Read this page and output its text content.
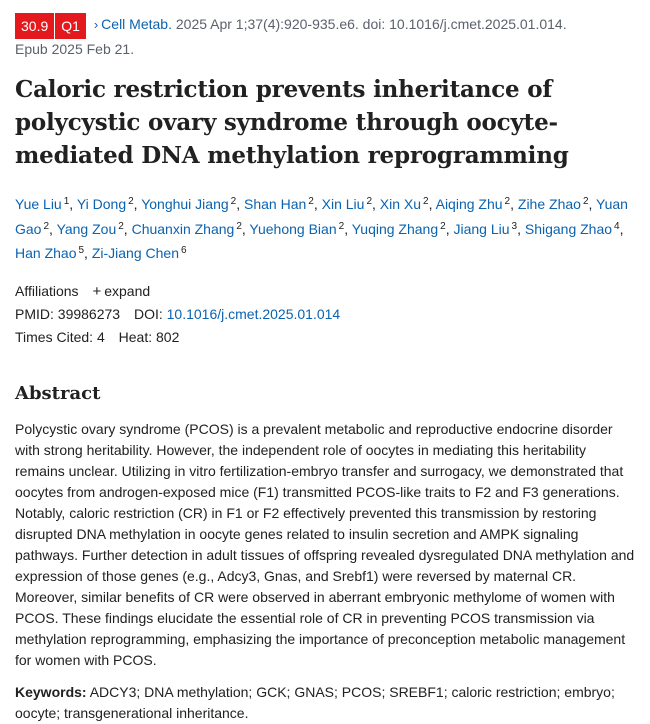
30.9 Q1	› Cell Metab. 2025 Apr 1;37(4):920-935.e6. doi: 10.1016/j.cmet.2025.01.014.
Epub 2025 Feb 21.
Caloric restriction prevents inheritance of polycystic ovary syndrome through oocyte-mediated DNA methylation reprogramming
Yue Liu $^1$, Yi Dong $^2$, Yonghui Jiang $^2$, Shan Han $^2$, Xin Liu $^2$, Xin Xu $^2$, Aiqing Zhu $^2$, Zihe Zhao $^2$, Yuan Gao $^2$, Yang Zou $^2$, Chuanxin Zhang $^2$, Yuehong Bian $^2$, Yuqing Zhang $^2$, Jiang Liu $^3$, Shigang Zhao $^4$, Han Zhao $^5$, Zi-Jiang Chen $^6$
Affiliations + expand
PMID: 39986273 DOI: 10.1016/j.cmet.2025.01.014
Times Cited: 4 Heat: 802
Abstract
Polycystic ovary syndrome (PCOS) is a prevalent metabolic and reproductive endocrine disorder with strong heritability. However, the independent role of oocytes in mediating this heritability remains unclear. Utilizing in vitro fertilization-embryo transfer and surrogacy, we demonstrated that oocytes from androgen-exposed mice (F1) transmitted PCOS-like traits to F2 and F3 generations. Notably, caloric restriction (CR) in F1 or F2 effectively prevented this transmission by restoring disrupted DNA methylation in oocyte genes related to insulin secretion and AMPK signaling pathways. Further detection in adult tissues of offspring revealed dysregulated DNA methylation and expression of those genes (e.g., Adcy3, Gnas, and Srebf1) were reversed by maternal CR. Moreover, similar benefits of CR were observed in aberrant embryonic methylome of women with PCOS. These findings elucidate the essential role of CR in preventing PCOS transmission via methylation reprogramming, emphasizing the importance of preconception metabolic management for women with PCOS.
Keywords: ADCY3; DNA methylation; GCK; GNAS; PCOS; SREBF1; caloric restriction; embryo; oocyte; transgenerational inheritance.
